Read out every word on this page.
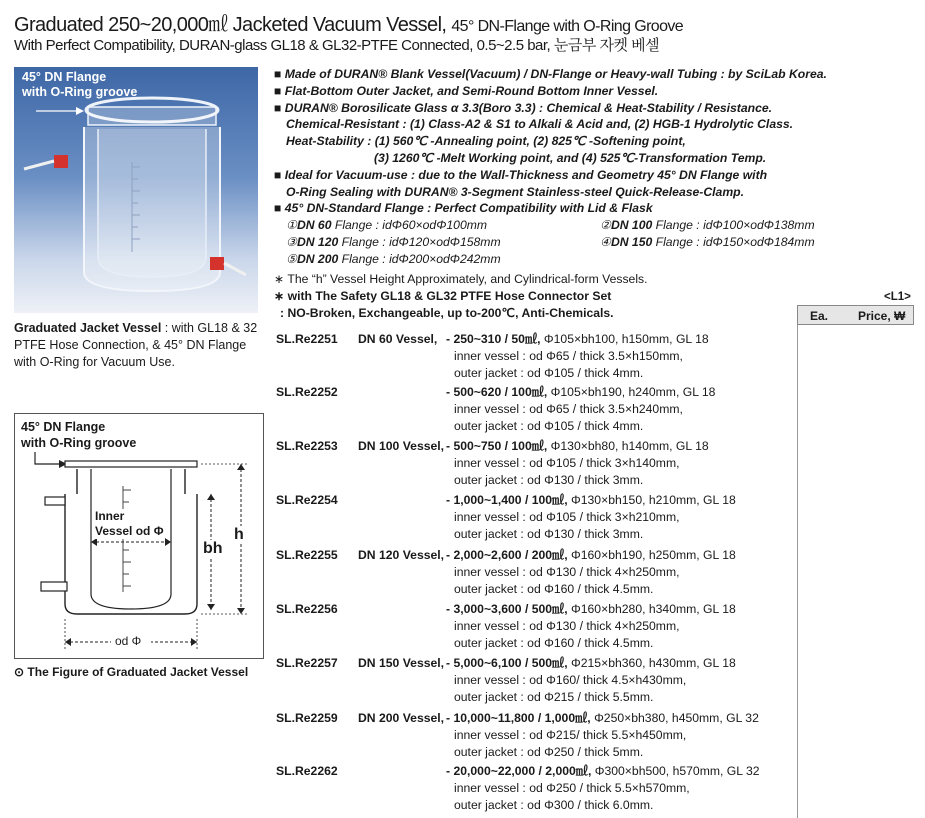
Graduated 250~20,000㎖ Jacketed Vacuum Vessel, 45° DN-Flange with O-Ring Groove
With Perfect Compatibility, DURAN-glass GL18 & GL32-PTFE Connected, 0.5~2.5 bar, 눈금부 자켓 베셀
45° DN Flange
with O-Ring groove
Graduated Jacket Vessel : with GL18 & 32 PTFE Hose Connection, & 45° DN Flange with O-Ring for Vacuum Use.
45° DN Flange
with O-Ring groove
Inner
Vessel od Φ
bh
h
od Φ
⊙ The Figure of Graduated Jacket Vessel
■ Made of DURAN® Blank Vessel(Vacuum) / DN-Flange or Heavy-wall Tubing : by SciLab Korea.
■ Flat-Bottom Outer Jacket, and Semi-Round Bottom Inner Vessel.
■ DURAN® Borosilicate Glass α 3.3(Boro 3.3) : Chemical & Heat-Stability / Resistance.
Chemical-Resistant : (1) Class-A2 & S1 to Alkali & Acid and, (2) HGB-1 Hydrolytic Class.
Heat-Stability : (1) 560℃ -Annealing point, (2) 825℃ -Softening point,
(3) 1260℃ -Melt Working point, and (4) 525℃-Transformation Temp.
■ Ideal for Vacuum-use : due to the Wall-Thickness and Geometry 45° DN Flange with
O-Ring Sealing with DURAN® 3-Segment Stainless-steel Quick-Release-Clamp.
■ 45° DN-Standard Flange : Perfect Compatibility with Lid & Flask
①DN 60 Flange : idΦ60×odΦ100mm	②DN 100 Flange : idΦ100×odΦ138mm
③DN 120 Flange : idΦ120×odΦ158mm	④DN 150 Flange : idΦ150×odΦ184mm
⑤DN 200 Flange : idΦ200×odΦ242mm
∗ The “h” Vessel Height Approximately, and Cylindrical-form Vessels.
∗ with The Safety GL18 & GL32 PTFE Hose Connector Set
: NO-Broken, Exchangeable, up to-200℃, Anti-Chemicals.
<L1>
Ea. Price, ₩
SL.Re2251 DN 60 Vessel, - 250~310 / 50㎖, Φ105×bh100, h150mm, GL 18
inner vessel : od Φ65 / thick 3.5×h150mm,
outer jacket : od Φ105 / thick 4mm.
SL.Re2252	- 500~620 / 100㎖, Φ105×bh190, h240mm, GL 18
inner vessel : od Φ65 / thick 3.5×h240mm,
outer jacket : od Φ105 / thick 4mm.
SL.Re2253 DN 100 Vessel, - 500~750 / 100㎖, Φ130×bh80, h140mm, GL 18
inner vessel : od Φ105 / thick 3×h140mm,
outer jacket : od Φ130 / thick 3mm.
SL.Re2254	- 1,000~1,400 / 100㎖, Φ130×bh150, h210mm, GL 18
inner vessel : od Φ105 / thick 3×h210mm,
outer jacket : od Φ130 / thick 3mm.
SL.Re2255 DN 120 Vessel, - 2,000~2,600 / 200㎖, Φ160×bh190, h250mm, GL 18
inner vessel : od Φ130 / thick 4×h250mm,
outer jacket : od Φ160 / thick 4.5mm.
SL.Re2256	- 3,000~3,600 / 500㎖, Φ160×bh280, h340mm, GL 18
inner vessel : od Φ130 / thick 4×h250mm,
outer jacket : od Φ160 / thick 4.5mm.
SL.Re2257 DN 150 Vessel, - 5,000~6,100 / 500㎖, Φ215×bh360, h430mm, GL 18
inner vessel : od Φ160/ thick 4.5×h430mm,
outer jacket : od Φ215 / thick 5.5mm.
SL.Re2259 DN 200 Vessel, - 10,000~11,800 / 1,000㎖, Φ250×bh380, h450mm, GL 32
inner vessel : od Φ215/ thick 5.5×h450mm,
outer jacket : od Φ250 / thick 5mm.
SL.Re2262	- 20,000~22,000 / 2,000㎖, Φ300×bh500, h570mm, GL 32
inner vessel : od Φ250 / thick 5.5×h570mm,
outer jacket : od Φ300 / thick 6.0mm.
